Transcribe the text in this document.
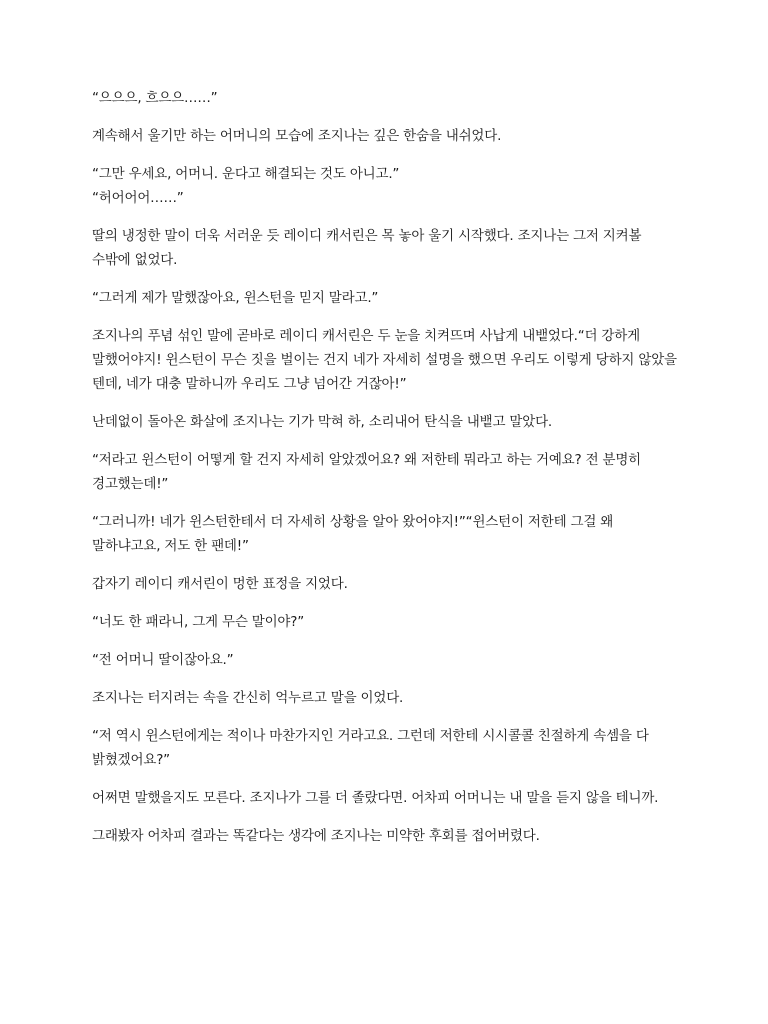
“으으으, 흐으으……”

계속해서 울기만 하는 어머니의 모습에 조지나는 깊은 한숨을 내쉬었다.

“그만 우세요, 어머니. 운다고 해결되는 것도 아니고.”
“허어어어……”

딸의 냉정한 말이 더욱 서러운 듯 레이디 캐서린은 목 놓아 울기 시작했다. 조지나는 그저 지켜볼 수밖에 없었다.

“그러게 제가 말했잖아요, 윈스턴을 믿지 말라고.”

조지나의 푸념 섞인 말에 곧바로 레이디 캐서린은 두 눈을 치켜뜨며 사납게 내뱉었다.“더 강하게 말했어야지! 윈스턴이 무슨 짓을 벌이는 건지 네가 자세히 설명을 했으면 우리도 이렇게 당하지 않았을 텐데, 네가 대충 말하니까 우리도 그냥 넘어간 거잖아!”

난데없이 돌아온 화살에 조지나는 기가 막혀 하, 소리내어 탄식을 내뱉고 말았다.

“저라고 윈스턴이 어떻게 할 건지 자세히 알았겠어요? 왜 저한테 뭐라고 하는 거예요? 전 분명히 경고했는데!”

“그러니까! 네가 윈스턴한테서 더 자세히 상황을 알아 왔어야지!”“윈스턴이 저한테 그걸 왜 말하냐고요, 저도 한 팬데!”

갑자기 레이디 캐서린이 멍한 표정을 지었다.

“너도 한 패라니, 그게 무슨 말이야?”

“전 어머니 딸이잖아요.”

조지나는 터지려는 속을 간신히 억누르고 말을 이었다.

“저 역시 윈스턴에게는 적이나 마찬가지인 거라고요. 그런데 저한테 시시콜콜 친절하게 속셈을 다 밝혔겠어요?”

어쩌면 말했을지도 모른다. 조지나가 그를 더 졸랐다면. 어차피 어머니는 내 말을 듣지 않을 테니까.

그래봤자 어차피 결과는 똑같다는 생각에 조지나는 미약한 후회를 접어버렸다.
